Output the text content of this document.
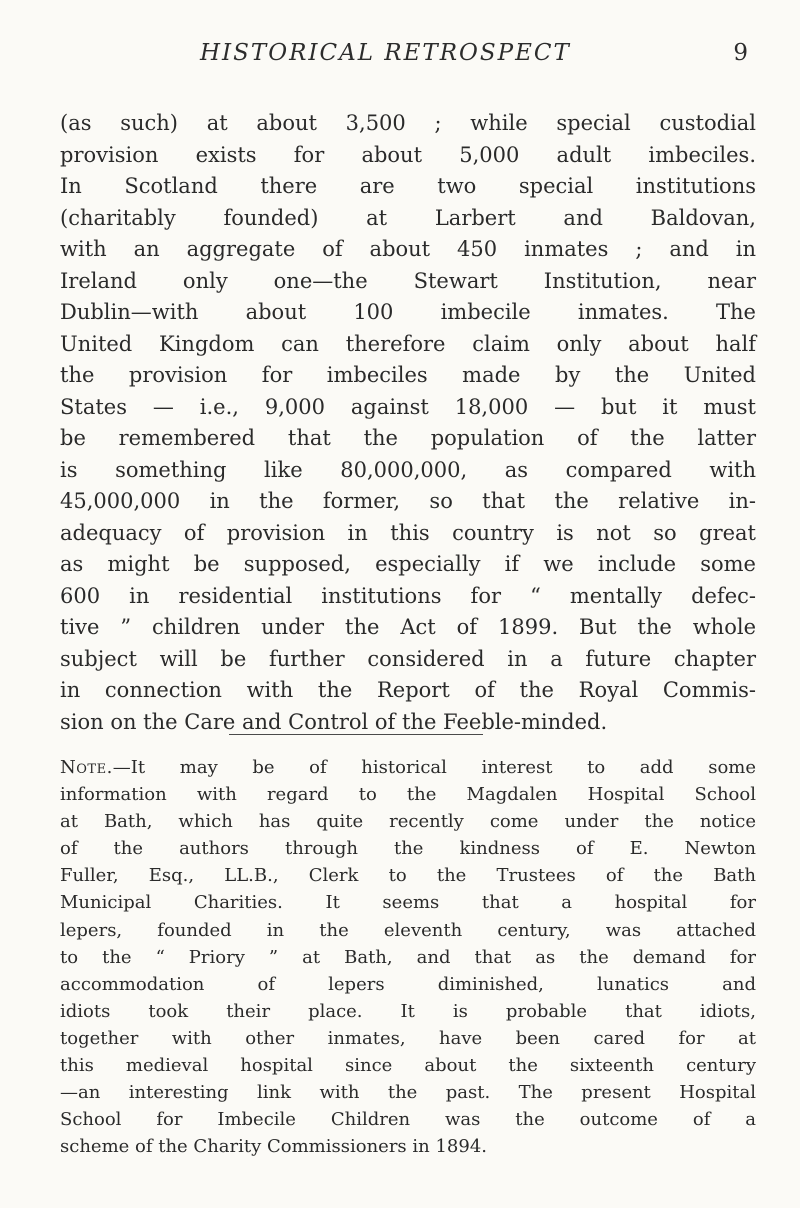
HISTORICAL RETROSPECT	9

(as such) at about 3,500 ; while special custodial
provision exists for about 5,000 adult imbeciles.
In Scotland there are two special institutions
(charitably founded) at Larbert and Baldovan,
with an aggregate of about 450 inmates ; and in
Ireland only one—the Stewart Institution, near
Dublin—with about 100 imbecile inmates. The
United Kingdom can therefore claim only about half
the provision for imbeciles made by the United
States — i.e., 9,000 against 18,000 — but it must
be remembered that the population of the latter
is something like 80,000,000, as compared with
45,000,000 in the former, so that the relative in-
adequacy of provision in this country is not so great
as might be supposed, especially if we include some
600 in residential institutions for “ mentally defec-
tive ” children under the Act of 1899. But the whole
subject will be further considered in a future chapter
in connection with the Report of the Royal Commis-
sion on the Care and Control of the Feeble-minded.

Note.—It may be of historical interest to add some
information with regard to the Magdalen Hospital School
at Bath, which has quite recently come under the notice
of the authors through the kindness of E. Newton
Fuller, Esq., LL.B., Clerk to the Trustees of the Bath
Municipal Charities. It seems that a hospital for
lepers, founded in the eleventh century, was attached
to the “ Priory ” at Bath, and that as the demand for
accommodation of lepers diminished, lunatics and
idiots took their place. It is probable that idiots,
together with other inmates, have been cared for at
this medieval hospital since about the sixteenth century
—an interesting link with the past. The present Hospital
School for Imbecile Children was the outcome of a
scheme of the Charity Commissioners in 1894.
